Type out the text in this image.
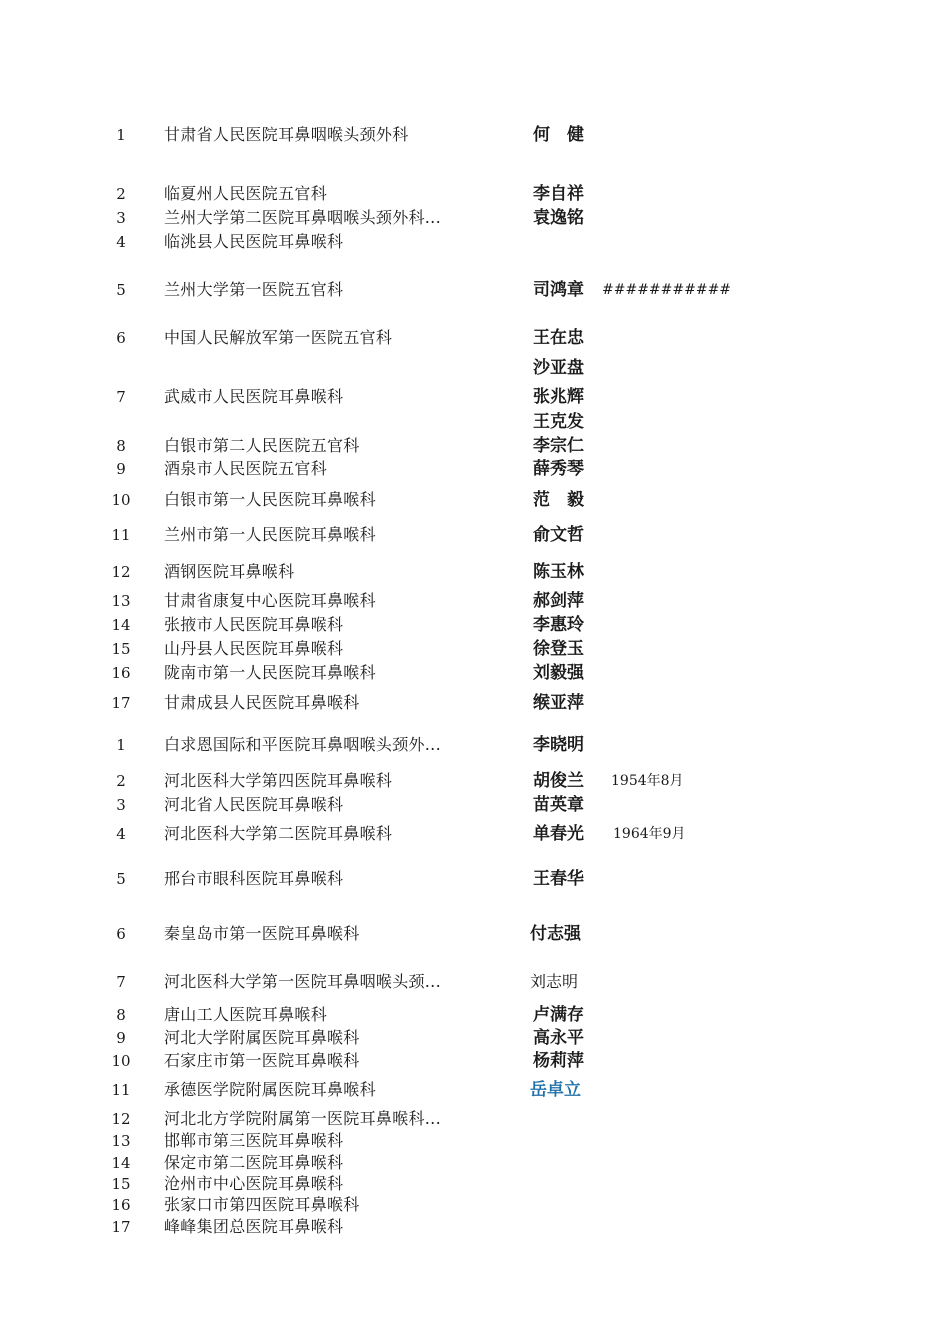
1	甘肃省人民医院耳鼻咽喉头颈外科	何　健
2	临夏州人民医院五官科	李自祥
3	兰州大学第二医院耳鼻咽喉头颈外科...	袁逸铭
4	临洮县人民医院耳鼻喉科
5	兰州大学第一医院五官科	司鸿章 ###########
6	中国人民解放军第一医院五官科	王在忠
沙亚盘
7	武威市人民医院耳鼻喉科	张兆辉
王克发
8	白银市第二人民医院五官科	李宗仁
9	酒泉市人民医院五官科	薛秀琴
10	白银市第一人民医院耳鼻喉科	范　毅
11	兰州市第一人民医院耳鼻喉科	俞文哲
12	酒钢医院耳鼻喉科	陈玉林
13	甘肃省康复中心医院耳鼻喉科	郝剑萍
14	张掖市人民医院耳鼻喉科	李惠玲
15	山丹县人民医院耳鼻喉科	徐登玉
16	陇南市第一人民医院耳鼻喉科	刘毅强
17	甘肃成县人民医院耳鼻喉科	缑亚萍
1	白求恩国际和平医院耳鼻咽喉头颈外...	李晓明
2	河北医科大学第四医院耳鼻喉科	胡俊兰 1954年8月
3	河北省人民医院耳鼻喉科	苗英章
4	河北医科大学第二医院耳鼻喉科	单春光 1964年9月
5	邢台市眼科医院耳鼻喉科	王春华
6	秦皇岛市第一医院耳鼻喉科	付志强
7	河北医科大学第一医院耳鼻咽喉头颈...	刘志明
8	唐山工人医院耳鼻喉科	卢满存
9	河北大学附属医院耳鼻喉科	高永平
10	石家庄市第一医院耳鼻喉科	杨莉萍
11	承德医学院附属医院耳鼻喉科	岳卓立
12	河北北方学院附属第一医院耳鼻喉科...
13	邯郸市第三医院耳鼻喉科
14	保定市第二医院耳鼻喉科
15	沧州市中心医院耳鼻喉科
16	张家口市第四医院耳鼻喉科
17	峰峰集团总医院耳鼻喉科
